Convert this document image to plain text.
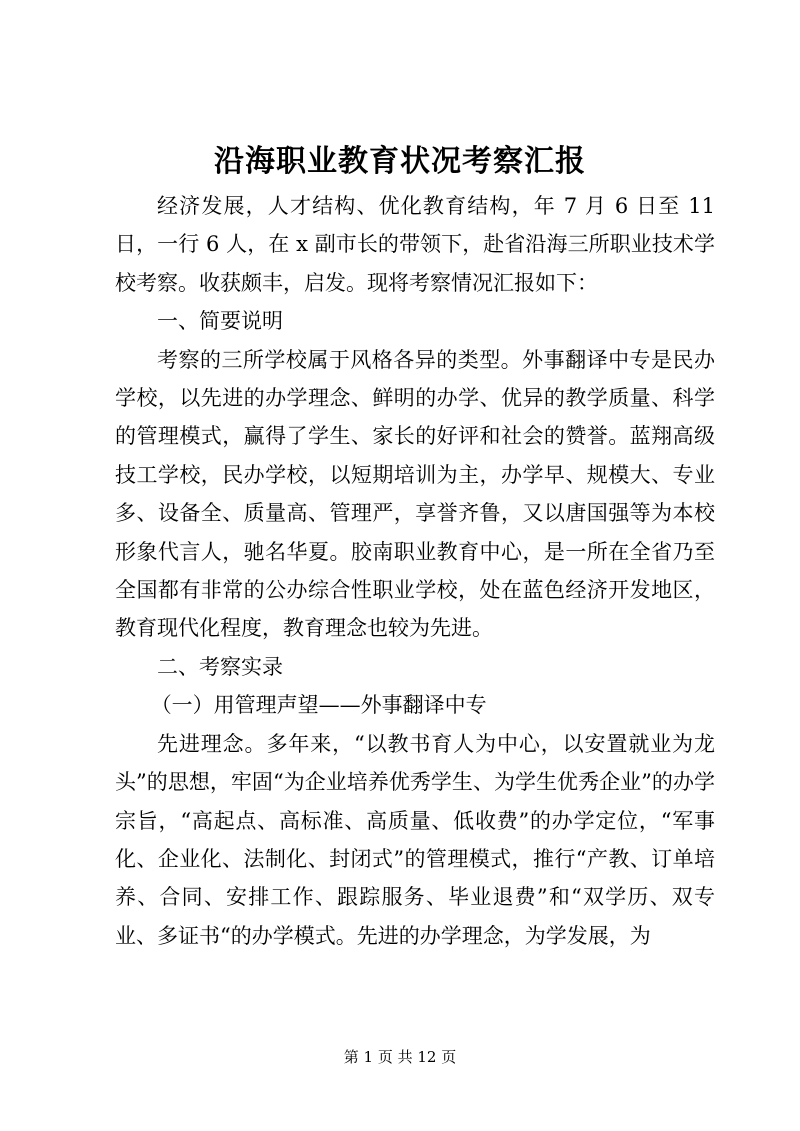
沿海职业教育状况考察汇报

经济发展，人才结构、优化教育结构，年 7 月 6 日至 11 日，一行 6 人，在 x 副市长的带领下，赴省沿海三所职业技术学校考察。收获颇丰，启发。现将考察情况汇报如下：

一、简要说明

考察的三所学校属于风格各异的类型。外事翻译中专是民办学校，以先进的办学理念、鲜明的办学、优异的教学质量、科学的管理模式，赢得了学生、家长的好评和社会的赞誉。蓝翔高级技工学校，民办学校，以短期培训为主，办学早、规模大、专业多、设备全、质量高、管理严，享誉齐鲁，又以唐国强等为本校形象代言人，驰名华夏。胶南职业教育中心，是一所在全省乃至全国都有非常的公办综合性职业学校，处在蓝色经济开发地区，教育现代化程度，教育理念也较为先进。

二、考察实录

（一）用管理声望——外事翻译中专

先进理念。多年来，“以教书育人为中心，以安置就业为龙头”的思想，牢固“为企业培养优秀学生、为学生优秀企业”的办学宗旨，“高起点、高标准、高质量、低收费”的办学定位，“军事化、企业化、法制化、封闭式”的管理模式，推行“产教、订单培养、合同、安排工作、跟踪服务、毕业退费”和“双学历、双专业、多证书“的办学模式。先进的办学理念，为学发展，为

第 1 页 共 12 页
